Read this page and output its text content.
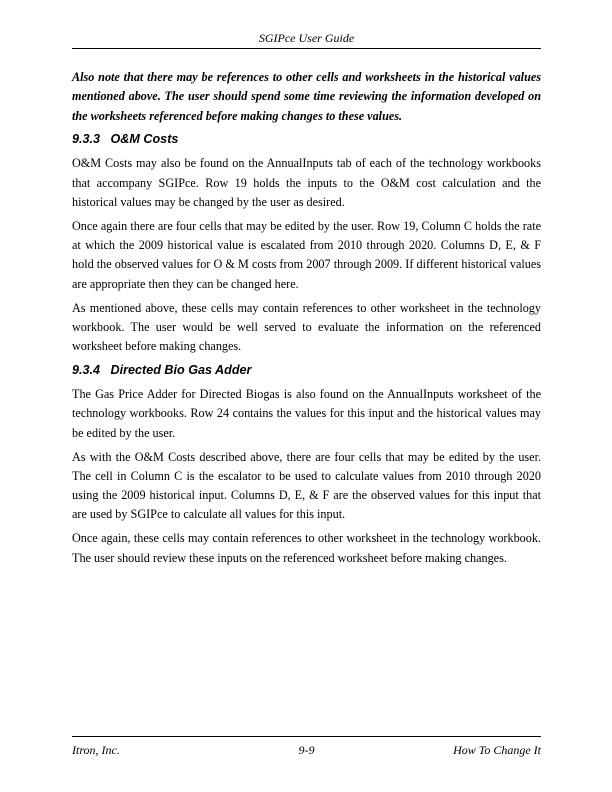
SGIPce User Guide

Also note that there may be references to other cells and worksheets in the historical values mentioned above. The user should spend some time reviewing the information developed on the worksheets referenced before making changes to these values.

9.3.3 O&M Costs

O&M Costs may also be found on the AnnualInputs tab of each of the technology workbooks that accompany SGIPce. Row 19 holds the inputs to the O&M cost calculation and the historical values may be changed by the user as desired.

Once again there are four cells that may be edited by the user. Row 19, Column C holds the rate at which the 2009 historical value is escalated from 2010 through 2020. Columns D, E, & F hold the observed values for O & M costs from 2007 through 2009. If different historical values are appropriate then they can be changed here.

As mentioned above, these cells may contain references to other worksheet in the technology workbook. The user would be well served to evaluate the information on the referenced worksheet before making changes.

9.3.4 Directed Bio Gas Adder

The Gas Price Adder for Directed Biogas is also found on the AnnualInputs worksheet of the technology workbooks. Row 24 contains the values for this input and the historical values may be edited by the user.

As with the O&M Costs described above, there are four cells that may be edited by the user. The cell in Column C is the escalator to be used to calculate values from 2010 through 2020 using the 2009 historical input. Columns D, E, & F are the observed values for this input that are used by SGIPce to calculate all values for this input.

Once again, these cells may contain references to other worksheet in the technology workbook. The user should review these inputs on the referenced worksheet before making changes.

Itron, Inc.	9-9	How To Change It
